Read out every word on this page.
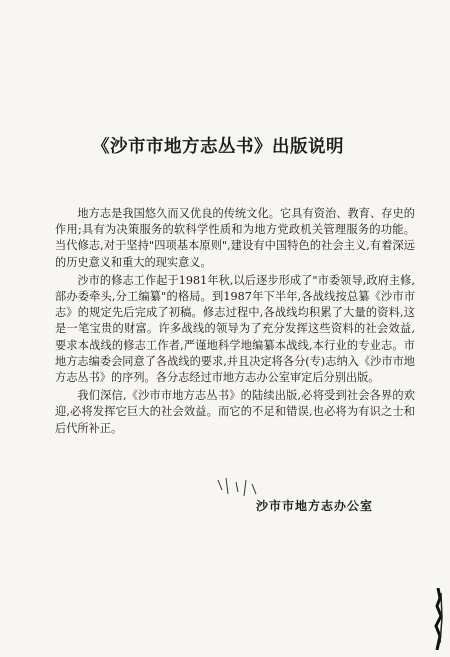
《沙市市地方志丛书》出版说明

地方志是我国悠久而又优良的传统文化。它具有资治、教育、存史的作用;具有为决策服务的软科学性质和为地方党政机关管理服务的功能。当代修志,对于坚持"四项基本原则",建设有中国特色的社会主义,有着深远的历史意义和重大的现实意义。

沙市的修志工作起于1981年秋,以后逐步形成了"市委领导,政府主修,部办委牵头,分工编纂"的格局。到1987年下半年,各战线按总纂《沙市市志》的规定先后完成了初稿。修志过程中,各战线均积累了大量的资料,这是一笔宝贵的财富。许多战线的领导为了充分发挥这些资料的社会效益,要求本战线的修志工作者,严谨地科学地编纂本战线,本行业的专业志。市地方志编委会同意了各战线的要求,并且决定将各分(专)志纳入《沙市市地方志丛书》的序列。各分志经过市地方志办公室审定后分别出版。

我们深信,《沙市市地方志丛书》的陆续出版,必将受到社会各界的欢迎,必将发挥它巨大的社会效益。而它的不足和错误,也必将为有识之士和后代所补正。

沙市市地方志办公室
